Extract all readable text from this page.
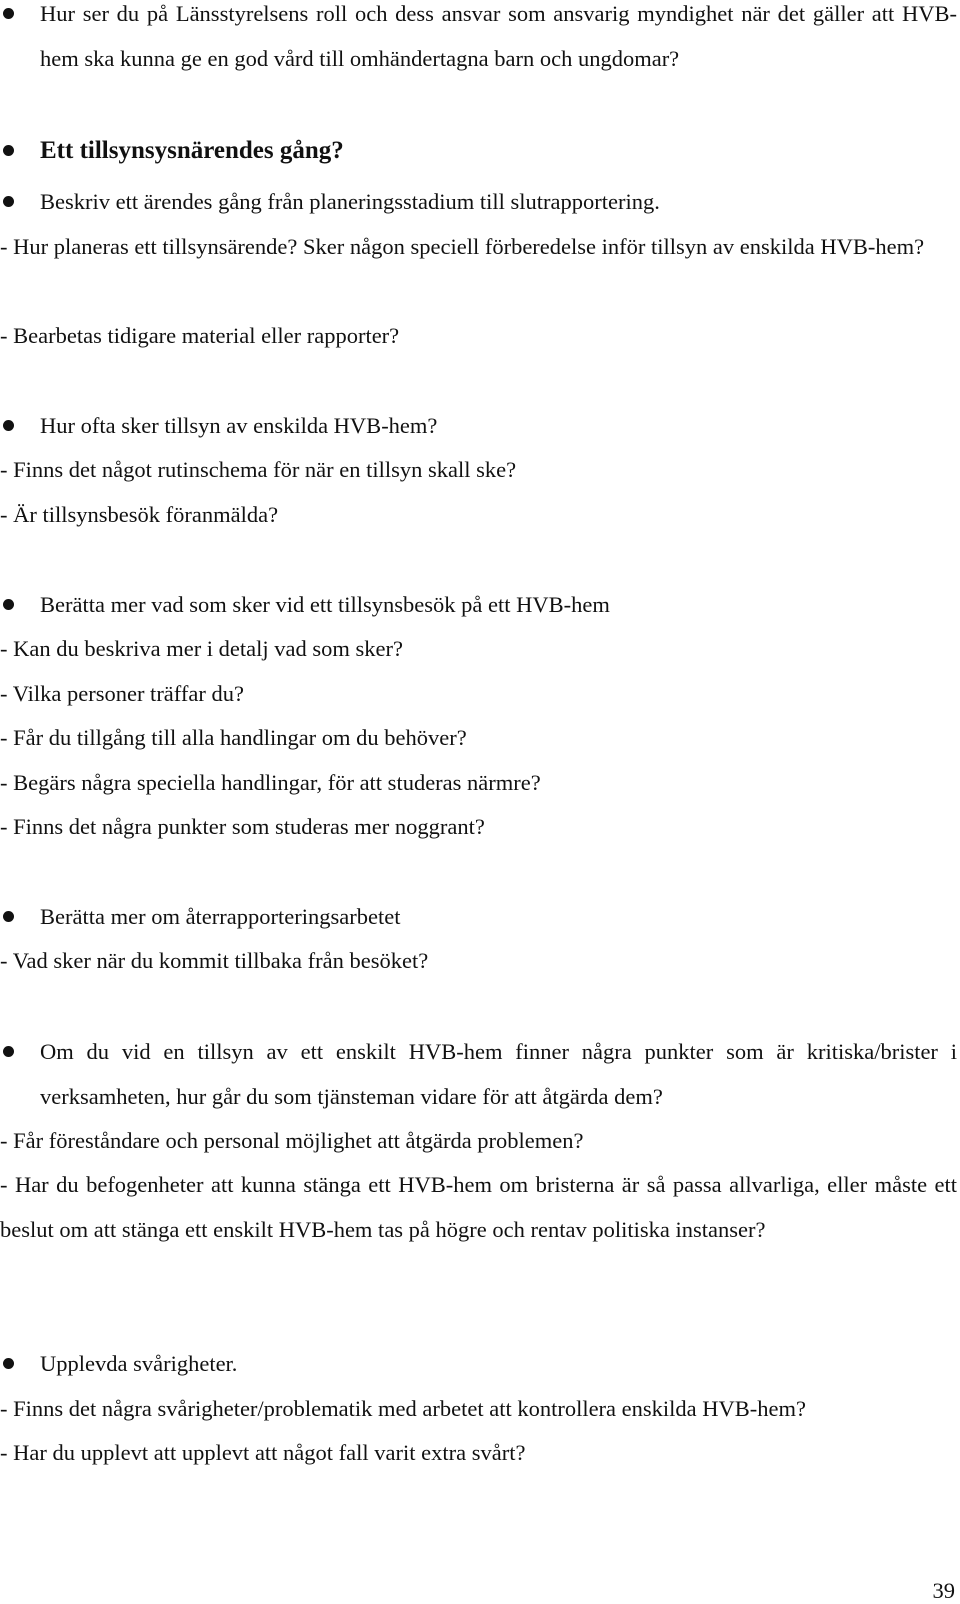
Hur ser du på Länsstyrelsens roll och dess ansvar som ansvarig myndighet när det gäller att HVB-hem ska kunna ge en god vård till omhändertagna barn och ungdomar?
Ett tillsynsysnärendes gång?
Beskriv ett ärendes gång från planeringsstadium till slutrapportering.
- Hur planeras ett tillsynsärende? Sker någon speciell förberedelse inför tillsyn av enskilda HVB-hem?
- Bearbetas tidigare material eller rapporter?
Hur ofta sker tillsyn av enskilda HVB-hem?
- Finns det något rutinschema för när en tillsyn skall ske?
- Är tillsynsbesök föranmälda?
Berätta mer vad som sker vid ett tillsynsbesök på ett HVB-hem
- Kan du beskriva mer i detalj vad som sker?
- Vilka personer träffar du?
- Får du tillgång till alla handlingar om du behöver?
- Begärs några speciella handlingar, för att studeras närmre?
- Finns det några punkter som studeras mer noggrant?
Berätta mer om återrapporteringsarbetet
- Vad sker när du kommit tillbaka från besöket?
Om du vid en tillsyn av ett enskilt HVB-hem finner några punkter som är kritiska/brister i verksamheten, hur går du som tjänsteman vidare för att åtgärda dem?
- Får föreståndare och personal möjlighet att åtgärda problemen?
- Har du befogenheter att kunna stänga ett HVB-hem om bristerna är så passa allvarliga, eller måste ett beslut om att stänga ett enskilt HVB-hem tas på högre och rentav politiska instanser?
Upplevda svårigheter.
- Finns det några svårigheter/problematik med arbetet att kontrollera enskilda HVB-hem?
- Har du upplevt att upplevt att något fall varit extra svårt?
39
